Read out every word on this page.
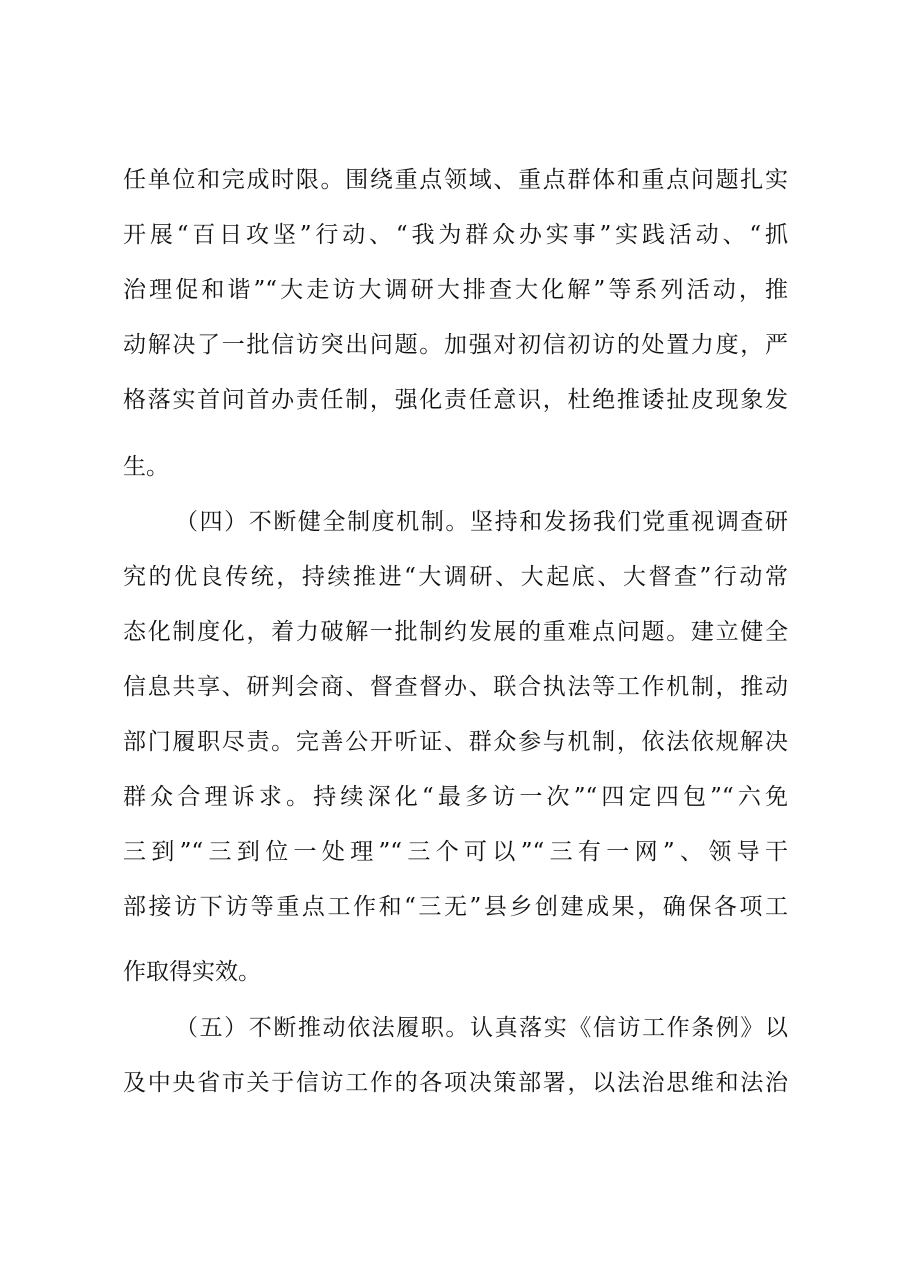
任单位和完成时限。围绕重点领域、重点群体和重点问题扎实
开展“百日攻坚”行动、“我为群众办实事”实践活动、“抓
治理促和谐”“大走访大调研大排查大化解”等系列活动，推
动解决了一批信访突出问题。加强对初信初访的处置力度，严
格落实首问首办责任制，强化责任意识，杜绝推诿扯皮现象发
生。
（四）不断健全制度机制。坚持和发扬我们党重视调查研
究的优良传统，持续推进“大调研、大起底、大督查”行动常
态化制度化，着力破解一批制约发展的重难点问题。建立健全
信息共享、研判会商、督查督办、联合执法等工作机制，推动
部门履职尽责。完善公开听证、群众参与机制，依法依规解决
群众合理诉求。持续深化“最多访一次”“四定四包”“六免
三到”“三到位一处理”“三个可以”“三有一网”、领导干
部接访下访等重点工作和“三无”县乡创建成果，确保各项工
作取得实效。
（五）不断推动依法履职。认真落实《信访工作条例》以
及中央省市关于信访工作的各项决策部署，以法治思维和法治
